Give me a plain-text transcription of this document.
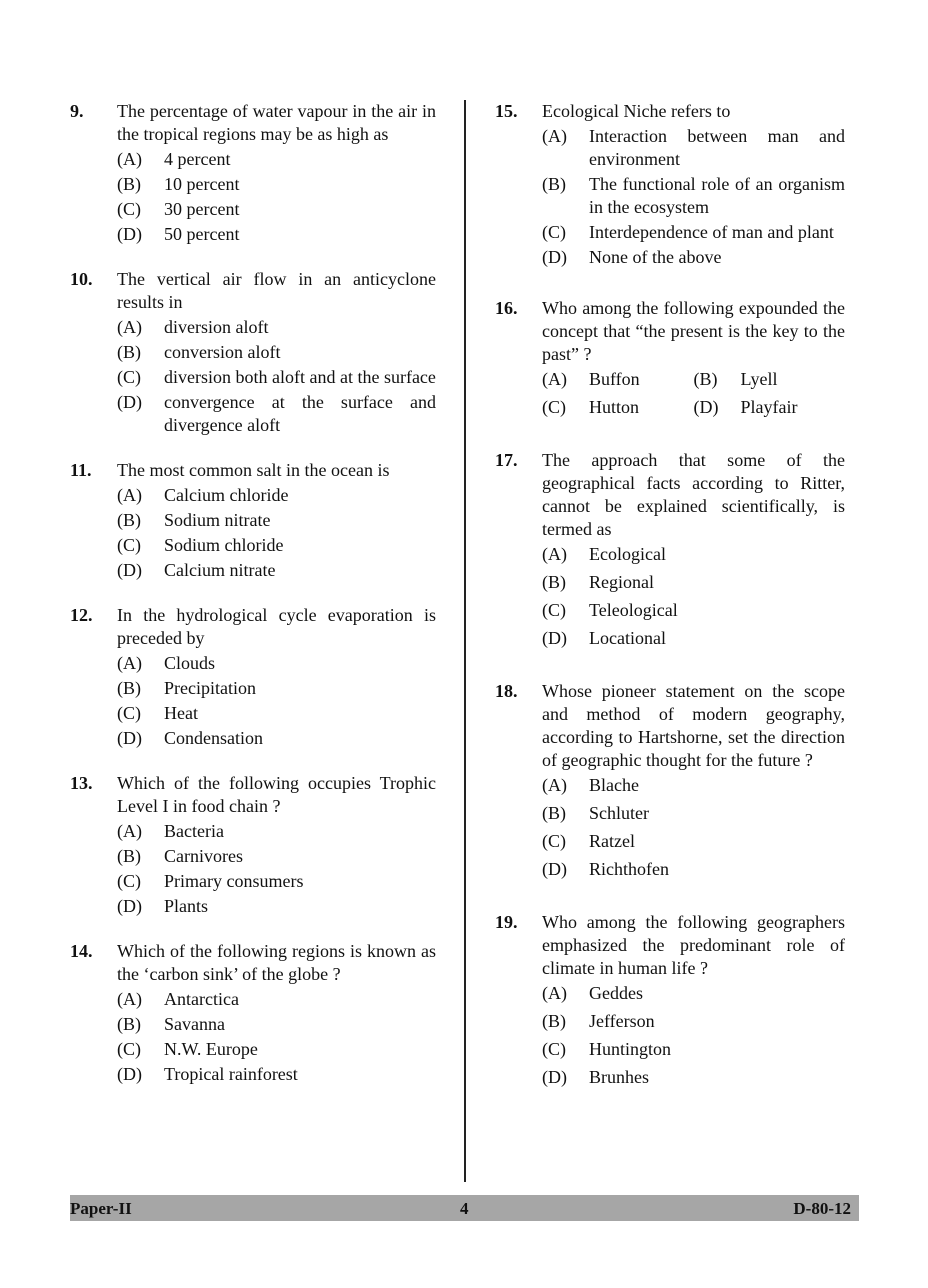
9. The percentage of water vapour in the air in the tropical regions may be as high as
(A)	4 percent
(B)	10 percent
(C)	30 percent
(D)	50 percent
10. The vertical air flow in an anticyclone results in
(A)	diversion aloft
(B)	conversion aloft
(C)	diversion both aloft and at the surface
(D)	convergence at the surface and divergence aloft
11. The most common salt in the ocean is
(A)	Calcium chloride
(B)	Sodium nitrate
(C)	Sodium chloride
(D)	Calcium nitrate
12. In the hydrological cycle evaporation is preceded by
(A)	Clouds
(B)	Precipitation
(C)	Heat
(D)	Condensation
13. Which of the following occupies Trophic Level I in food chain ?
(A)	Bacteria
(B)	Carnivores
(C)	Primary consumers
(D)	Plants
14. Which of the following regions is known as the ‘carbon sink’ of the globe ?
(A)	Antarctica
(B)	Savanna
(C)	N.W. Europe
(D)	Tropical rainforest
15. Ecological Niche refers to
(A)	Interaction between man and environment
(B)	The functional role of an organism in the ecosystem
(C)	Interdependence of man and plant
(D)	None of the above
16. Who among the following expounded the concept that “the present is the key to the past” ?
(A)	Buffon	(B)	Lyell
(C)	Hutton	(D)	Playfair
17. The approach that some of the geographical facts according to Ritter, cannot be explained scientifically, is termed as
(A)	Ecological
(B)	Regional
(C)	Teleological
(D)	Locational
18. Whose pioneer statement on the scope and method of modern geography, according to Hartshorne, set the direction of geographic thought for the future ?
(A)	Blache
(B)	Schluter
(C)	Ratzel
(D)	Richthofen
19. Who among the following geographers emphasized the predominant role of climate in human life ?
(A)	Geddes
(B)	Jefferson
(C)	Huntington
(D)	Brunhes
Paper-II	4	D-80-12
